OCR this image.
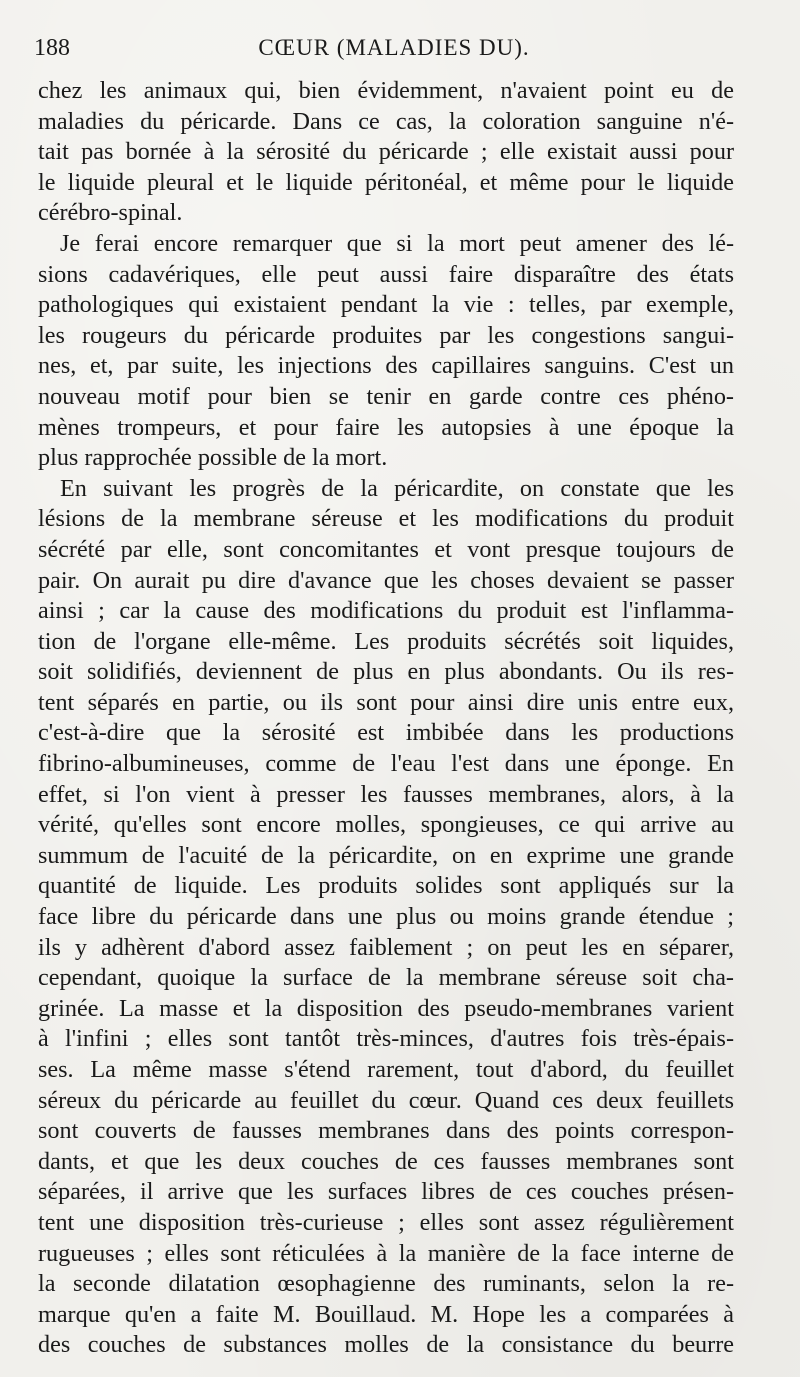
188	CŒUR (MALADIES DU).
chez les animaux qui, bien évidemment, n'avaient point eu de
maladies du péricarde. Dans ce cas, la coloration sanguine n'é-
tait pas bornée à la sérosité du péricarde ; elle existait aussi pour
le liquide pleural et le liquide péritonéal, et même pour le liquide
cérébro-spinal.
Je ferai encore remarquer que si la mort peut amener des lé-
sions cadavériques, elle peut aussi faire disparaître des états
pathologiques qui existaient pendant la vie : telles, par exemple,
les rougeurs du péricarde produites par les congestions sangui-
nes, et, par suite, les injections des capillaires sanguins. C'est un
nouveau motif pour bien se tenir en garde contre ces phéno-
mènes trompeurs, et pour faire les autopsies à une époque la
plus rapprochée possible de la mort.
En suivant les progrès de la péricardite, on constate que les
lésions de la membrane séreuse et les modifications du produit
sécrété par elle, sont concomitantes et vont presque toujours de
pair. On aurait pu dire d'avance que les choses devaient se passer
ainsi ; car la cause des modifications du produit est l'inflamma-
tion de l'organe elle-même. Les produits sécrétés soit liquides,
soit solidifiés, deviennent de plus en plus abondants. Ou ils res-
tent séparés en partie, ou ils sont pour ainsi dire unis entre eux,
c'est-à-dire que la sérosité est imbibée dans les productions
fibrino-albumineuses, comme de l'eau l'est dans une éponge. En
effet, si l'on vient à presser les fausses membranes, alors, à la
vérité, qu'elles sont encore molles, spongieuses, ce qui arrive au
summum de l'acuité de la péricardite, on en exprime une grande
quantité de liquide. Les produits solides sont appliqués sur la
face libre du péricarde dans une plus ou moins grande étendue ;
ils y adhèrent d'abord assez faiblement ; on peut les en séparer,
cependant, quoique la surface de la membrane séreuse soit cha-
grinée. La masse et la disposition des pseudo-membranes varient
à l'infini ; elles sont tantôt très-minces, d'autres fois très-épais-
ses. La même masse s'étend rarement, tout d'abord, du feuillet
séreux du péricarde au feuillet du cœur. Quand ces deux feuillets
sont couverts de fausses membranes dans des points correspon-
dants, et que les deux couches de ces fausses membranes sont
séparées, il arrive que les surfaces libres de ces couches présen-
tent une disposition très-curieuse ; elles sont assez régulièrement
rugueuses ; elles sont réticulées à la manière de la face interne de
la seconde dilatation œsophagienne des ruminants, selon la re-
marque qu'en a faite M. Bouillaud. M. Hope les a comparées à
des couches de substances molles de la consistance du beurre
